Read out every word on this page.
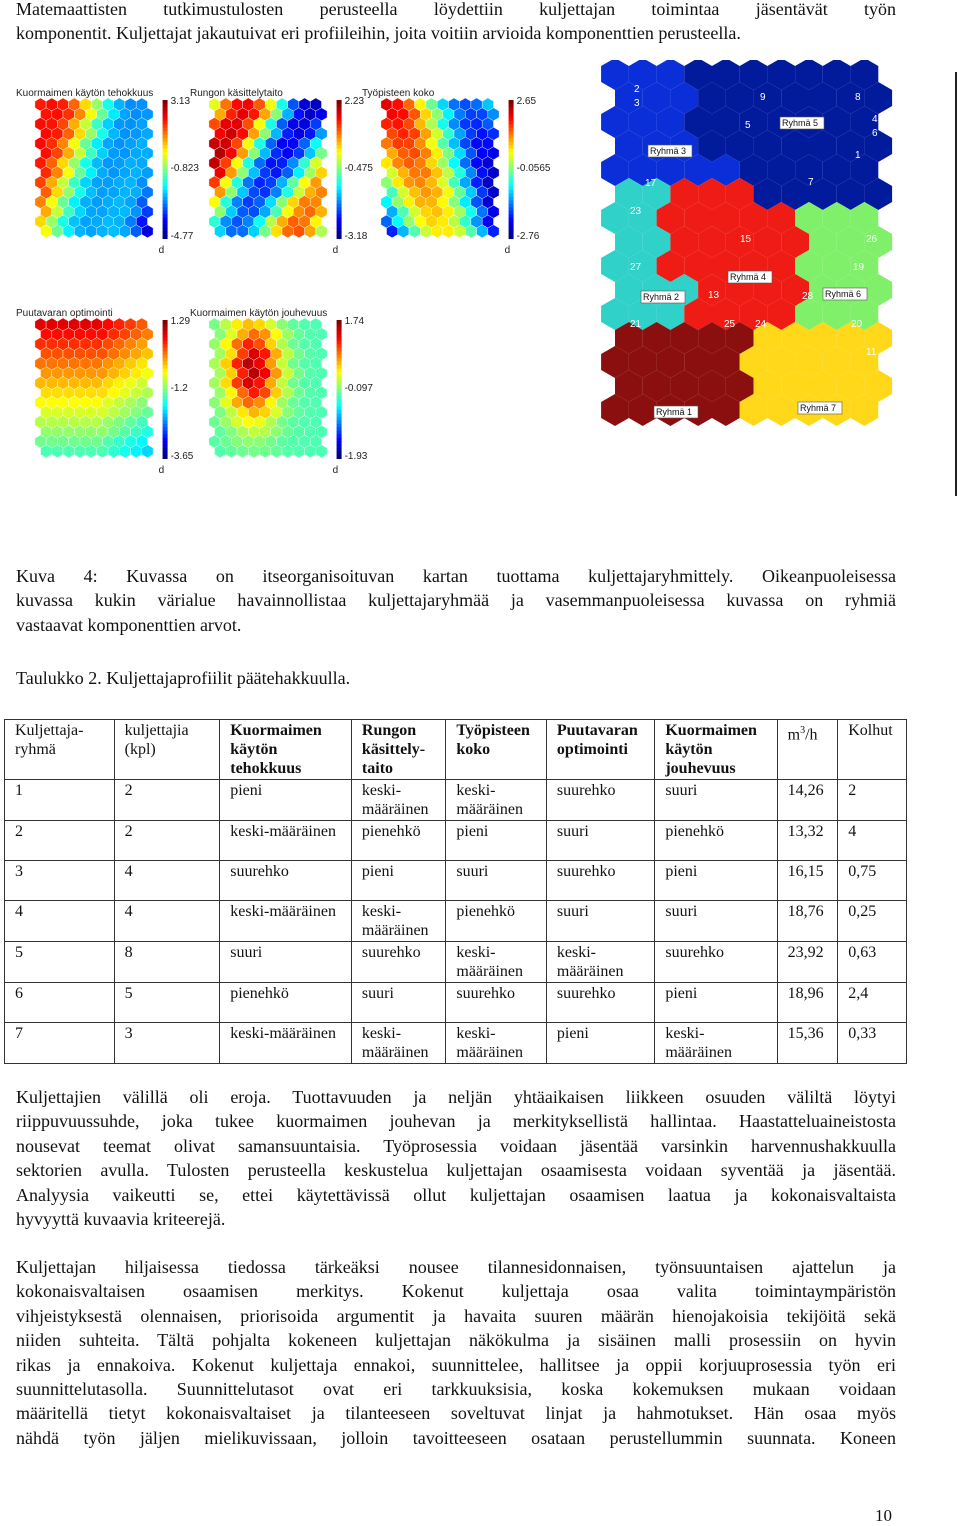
Matemaattisten tutkimustulosten perusteella löydettiin kuljettajan toimintaa jäsentävät työn
komponentit. Kuljettajat jakautuivat eri profiileihin, joita voitiin arvioida komponenttien perusteella.
Ryhmä 5
Ryhmä 3
Ryhmä 4
Ryhmä 2	Ryhmä 6
Ryhmä 1	Ryhmä 7
2
3
9	8
5
4
6
1
7
17
23
15	26
27	19
13	28
21	25 24	20
11
12 22	14 18 10
Kuormaimen käytön tehokkuus
3.13
-0.823
-4.77
d
Rungon käsittelytaito
2.23
-0.475
-3.18
d
Työpisteen koko
2.65
-0.0565
-2.76
d
Puutavaran optimointi
1.29
-1.2
-3.65
d
Kuormaimen käytön jouhevuus
1.74
-0.097
-1.93
d
Kuva 4: Kuvassa on itseorganisoituvan kartan tuottama kuljettajaryhmittely. Oikeanpuoleisessa
kuvassa kukin värialue havainnollistaa kuljettajaryhmää ja vasemmanpuoleisessa kuvassa on ryhmiä
vastaavat komponenttien arvot.
Taulukko 2. Kuljettajaprofiilit päätehakkuulla.
Kuljettaja-ryhmä	kuljettajia (kpl)	Kuormaimen käytön tehokkuus	Rungon käsittely-taito	Työpisteen koko	Puutavaran optimointi	Kuormaimen käytön jouhevuus	$m^3/h$	Kolhut
1	2	pieni	keski-määräinen	keski-määräinen	suurehko	suuri	14,26	2
2	2	keski-määräinen	pienehkö	pieni	suuri	pienehkö	13,32	4
3	4	suurehko	pieni	suuri	suurehko	pieni	16,15	0,75
4	4	keski-määräinen	keski-määräinen	pienehkö	suuri	suuri	18,76	0,25
5	8	suuri	suurehko	keski-määräinen	keski-määräinen	suurehko	23,92	0,63
6	5	pienehkö	suuri	suurehko	suurehko	pieni	18,96	2,4
7	3	keski-määräinen	keski-määräinen	keski-määräinen	pieni	keski-määräinen	15,36	0,33
Kuljettajien välillä oli eroja. Tuottavuuden ja neljän yhtäaikaisen liikkeen osuuden väliltä löytyi
riippuvuussuhde, joka tukee kuormaimen jouhevan ja merkityksellistä hallintaa. Haastatteluaineistosta
nousevat teemat olivat samansuuntaisia. Työprosessia voidaan jäsentää varsinkin harvennushakkuulla
sektorien avulla. Tulosten perusteella keskustelua kuljettajan osaamisesta voidaan syventää ja jäsentää.
Analyysia vaikeutti se, ettei käytettävissä ollut kuljettajan osaamisen laatua ja kokonaisvaltaista
hyvyyttä kuvaavia kriteerejä.
Kuljettajan hiljaisessa tiedossa tärkeäksi nousee tilannesidonnaisen, työnsuuntaisen ajattelun ja
kokonaisvaltaisen osaamisen merkitys. Kokenut kuljettaja osaa valita toimintaympäristön
vihjeistyksestä olennaisen, priorisoida argumentit ja havaita suuren määrän hienojakoisia tekijöitä sekä
niiden suhteita. Tältä pohjalta kokeneen kuljettajan näkökulma ja sisäinen malli prosessiin on hyvin
rikas ja ennakoiva. Kokenut kuljettaja ennakoi, suunnittelee, hallitsee ja oppii korjuuprosessia työn eri
suunnittelutasolla. Suunnittelutasot ovat eri tarkkuuksisia, koska kokemuksen mukaan voidaan
määritellä tietyt kokonaisvaltaiset ja tilanteeseen soveltuvat linjat ja hahmotukset. Hän osaa myös
nähdä työn jäljen mielikuvissaan, jolloin tavoitteeseen osataan perustellummin suunnata. Koneen
10
